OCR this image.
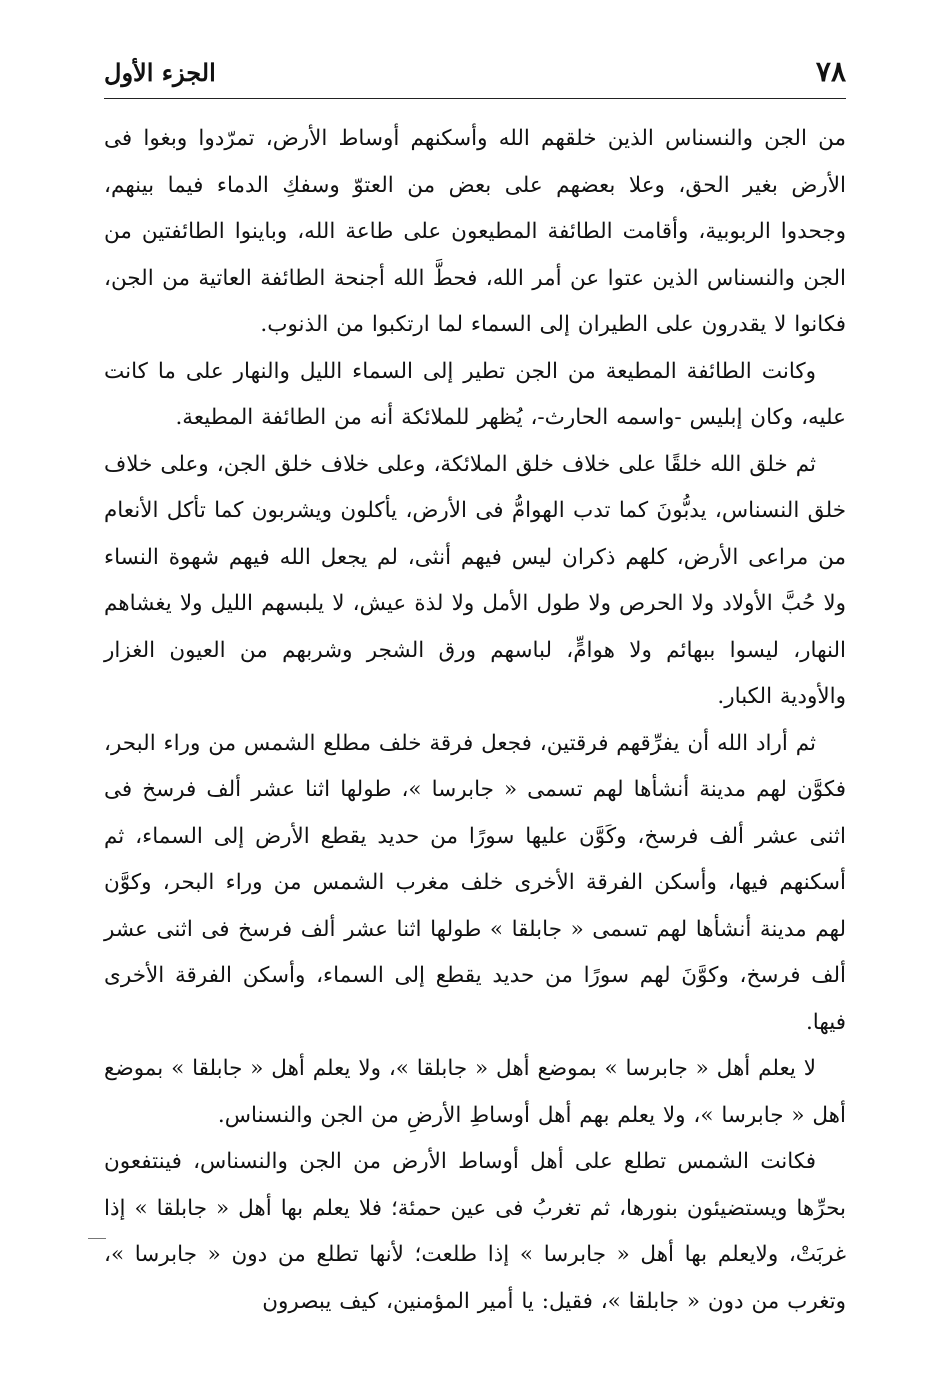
٧٨
الجزء الأول

من الجن والنسناس الذين خلقهم الله وأسكنهم أوساط الأرض، تمرّدوا وبغوا فى الأرض بغير الحق، وعلا بعضهم على بعض من العتوّ وسفكِ الدماء فيما بينهم، وجحدوا الربوبية، وأقامت الطائفة المطيعون على طاعة الله، وباينوا الطائفتين من الجن والنسناس الذين عتوا عن أمر الله، فحطَّ الله أجنحة الطائفة العاتية من الجن، فكانوا لا يقدرون على الطيران إلى السماء لما ارتكبوا من الذنوب.

وكانت الطائفة المطيعة من الجن تطير إلى السماء الليل والنهار على ما كانت عليه، وكان إبليس -واسمه الحارث-، يُظهر للملائكة أنه من الطائفة المطيعة.

ثم خلق الله خلقًا على خلاف خلق الملائكة، وعلى خلاف خلق الجن، وعلى خلاف خلق النسناس، يدبُّونَ كما تدب الهوامُّ فى الأرض، يأكلون ويشربون كما تأكل الأنعام من مراعى الأرض، كلهم ذكران ليس فيهم أنثى، لم يجعل الله فيهم شهوة النساء ولا حُبَّ الأولاد ولا الحرص ولا طول الأمل ولا لذة عيش، لا يلبسهم الليل ولا يغشاهم النهار، ليسوا ببهائم ولا هوامٍّ، لباسهم ورق الشجر وشربهم من العيون الغزار والأودية الكبار.

ثم أراد الله أن يفرِّقهم فرقتين، فجعل فرقة خلف مطلع الشمس من وراء البحر، فكوَّن لهم مدينة أنشأها لهم تسمى « جابرسا »، طولها اثنا عشر ألف فرسخ فى اثنى عشر ألف فرسخ، وكَوَّن عليها سورًا من حديد يقطع الأرض إلى السماء، ثم أسكنهم فيها، وأسكن الفرقة الأخرى خلف مغرب الشمس من وراء البحر، وكوَّن لهم مدينة أنشأها لهم تسمى « جابلقا » طولها اثنا عشر ألف فرسخ فى اثنى عشر ألف فرسخ، وكوَّنَ لهم سورًا من حديد يقطع إلى السماء، وأسكن الفرقة الأخرى فيها.

لا يعلم أهل « جابرسا » بموضع أهل « جابلقا »، ولا يعلم أهل « جابلقا » بموضع أهل « جابرسا »، ولا يعلم بهم أهل أوساطِ الأرضِ من الجن والنسناس.

فكانت الشمس تطلع على أهل أوساط الأرض من الجن والنسناس، فينتفعون بحرِّها ويستضيئون بنورها، ثم تغربُ فى عين حمئة؛ فلا يعلم بها أهل « جابلقا » إذا غربَتْ، ولايعلم بها أهل « جابرسا » إذا طلعت؛ لأنها تطلع من دون « جابرسا »، وتغرب من دون « جابلقا »، فقيل: يا أمير المؤمنين، كيف يبصرون
